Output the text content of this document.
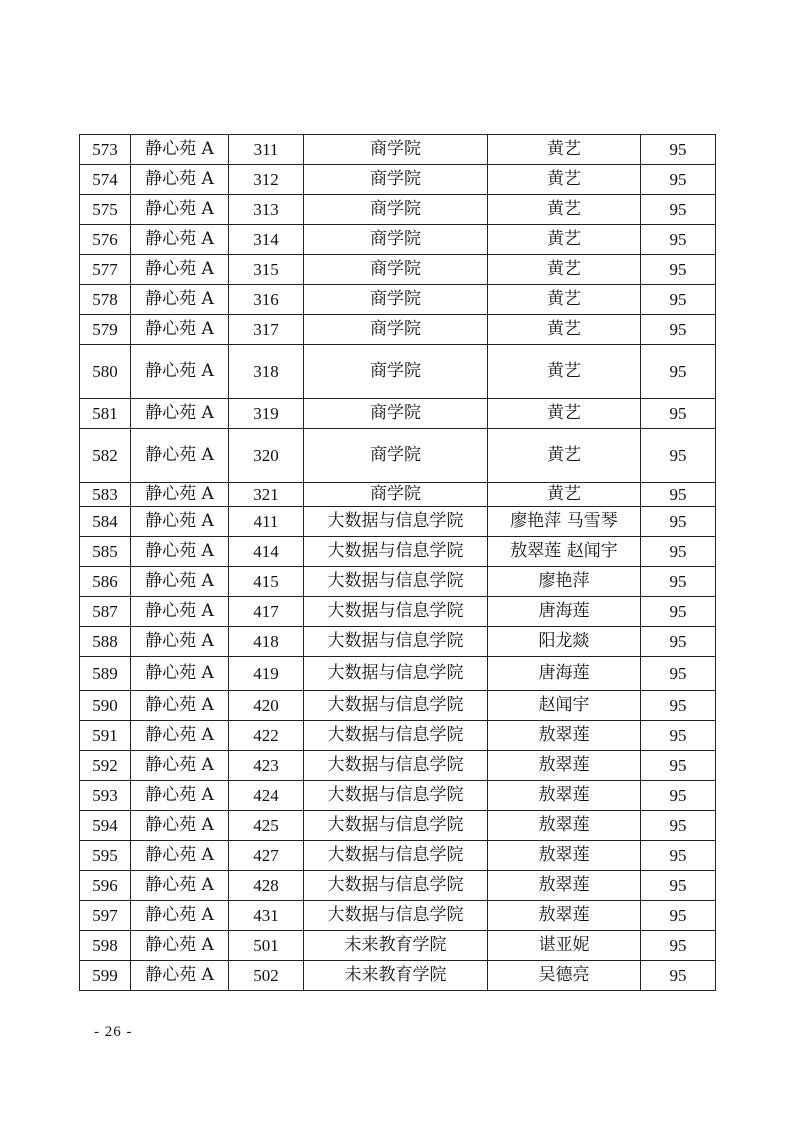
573	静心苑 A	311	商学院	黄艺	95
574	静心苑 A	312	商学院	黄艺	95
575	静心苑 A	313	商学院	黄艺	95
576	静心苑 A	314	商学院	黄艺	95
577	静心苑 A	315	商学院	黄艺	95
578	静心苑 A	316	商学院	黄艺	95
579	静心苑 A	317	商学院	黄艺	95
580	静心苑 A	318	商学院	黄艺	95
581	静心苑 A	319	商学院	黄艺	95
582	静心苑 A	320	商学院	黄艺	95
583	静心苑 A	321	商学院	黄艺	95
584	静心苑 A	411	大数据与信息学院	廖艳萍 马雪琴	95
585	静心苑 A	414	大数据与信息学院	敖翠莲 赵闻宇	95
586	静心苑 A	415	大数据与信息学院	廖艳萍	95
587	静心苑 A	417	大数据与信息学院	唐海莲	95
588	静心苑 A	418	大数据与信息学院	阳龙燚	95
589	静心苑 A	419	大数据与信息学院	唐海莲	95
590	静心苑 A	420	大数据与信息学院	赵闻宇	95
591	静心苑 A	422	大数据与信息学院	敖翠莲	95
592	静心苑 A	423	大数据与信息学院	敖翠莲	95
593	静心苑 A	424	大数据与信息学院	敖翠莲	95
594	静心苑 A	425	大数据与信息学院	敖翠莲	95
595	静心苑 A	427	大数据与信息学院	敖翠莲	95
596	静心苑 A	428	大数据与信息学院	敖翠莲	95
597	静心苑 A	431	大数据与信息学院	敖翠莲	95
598	静心苑 A	501	未来教育学院	谌亚妮	95
599	静心苑 A	502	未来教育学院	吴德亮	95
- 26 -
